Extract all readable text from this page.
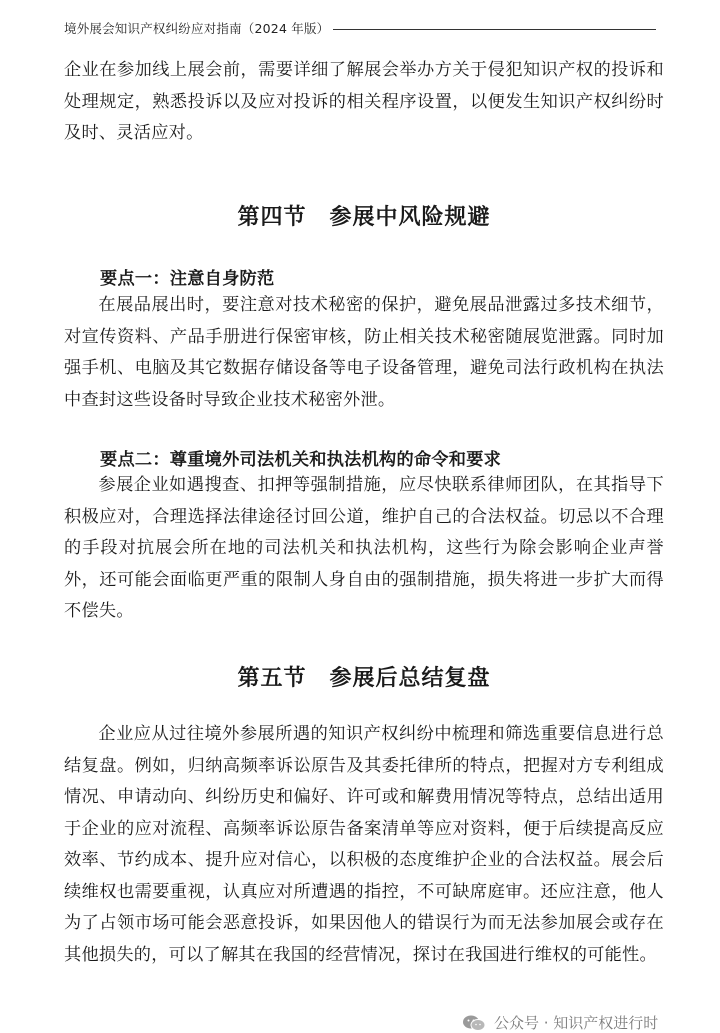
境外展会知识产权纠纷应对指南（2024 年版）

企业在参加线上展会前，需要详细了解展会举办方关于侵犯知识产权的投诉和处理规定，熟悉投诉以及应对投诉的相关程序设置，以便发生知识产权纠纷时及时、灵活应对。

第四节　参展中风险规避
要点一：注意自身防范

在展品展出时，要注意对技术秘密的保护，避免展品泄露过多技术细节，对宣传资料、产品手册进行保密审核，防止相关技术秘密随展览泄露。同时加强手机、电脑及其它数据存储设备等电子设备管理，避免司法行政机构在执法中查封这些设备时导致企业技术秘密外泄。

要点二：尊重境外司法机关和执法机构的命令和要求

参展企业如遇搜查、扣押等强制措施，应尽快联系律师团队，在其指导下积极应对，合理选择法律途径讨回公道，维护自己的合法权益。切忌以不合理的手段对抗展会所在地的司法机关和执法机构，这些行为除会影响企业声誉外，还可能会面临更严重的限制人身自由的强制措施，损失将进一步扩大而得不偿失。

第五节　参展后总结复盘

企业应从过往境外参展所遇的知识产权纠纷中梳理和筛选重要信息进行总结复盘。例如，归纳高频率诉讼原告及其委托律所的特点，把握对方专利组成情况、申请动向、纠纷历史和偏好、许可或和解费用情况等特点，总结出适用于企业的应对流程、高频率诉讼原告备案清单等应对资料，便于后续提高反应效率、节约成本、提升应对信心，以积极的态度维护企业的合法权益。展会后续维权也需要重视，认真应对所遭遇的指控，不可缺席庭审。还应注意，他人为了占领市场可能会恶意投诉，如果因他人的错误行为而无法参加展会或存在其他损失的，可以了解其在我国的经营情况，探讨在我国进行维权的可能性。

公众号 · 知识产权进行时
